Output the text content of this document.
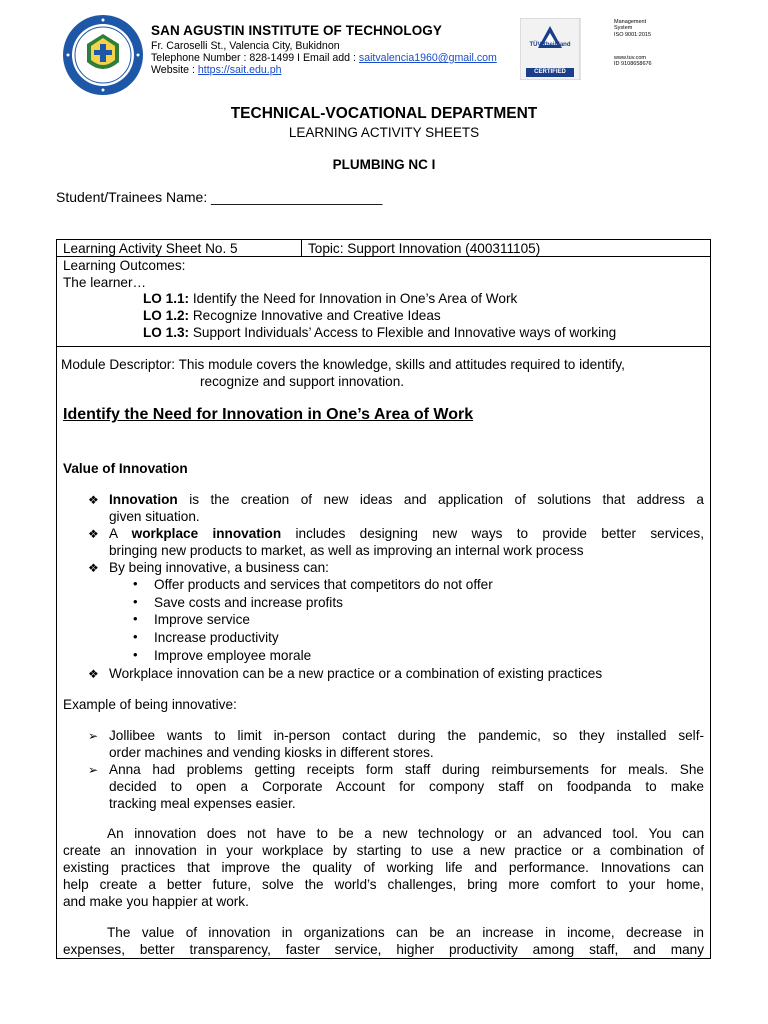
SAN AGUSTIN INSTITUTE OF TECHNOLOGY
Fr. Caroselli St., Valencia City, Bukidnon
Telephone Number : 828-1499 I Email add : saitvalencia1960@gmail.com
Website : https://sait.edu.ph
TÜVRheinland
CERTIFIED
Management
System
ISO 9001:2015
www.tuv.com
ID 9108658676
TECHNICAL-VOCATIONAL DEPARTMENT
LEARNING ACTIVITY SHEETS
PLUMBING NC I
Student/Trainees Name: ______________________
Learning Activity Sheet No. 5	Topic: Support Innovation (400311105)
Learning Outcomes:
The learner…
LO 1.1: Identify the Need for Innovation in One’s Area of Work
LO 1.2: Recognize Innovative and Creative Ideas
LO 1.3: Support Individuals’ Access to Flexible and Innovative ways of working
Module Descriptor: This module covers the knowledge, skills and attitudes required to identify,
recognize and support innovation.
Identify the Need for Innovation in One’s Area of Work
Value of Innovation
❖ Innovation is the creation of new ideas and application of solutions that address a
given situation.
❖ A workplace innovation includes designing new ways to provide better services,
bringing new products to market, as well as improving an internal work process
❖ By being innovative, a business can:
• Offer products and services that competitors do not offer
• Save costs and increase profits
• Improve service
• Increase productivity
• Improve employee morale
❖ Workplace innovation can be a new practice or a combination of existing practices
Example of being innovative:
➢ Jollibee wants to limit in-person contact during the pandemic, so they installed self-
order machines and vending kiosks in different stores.
➢ Anna had problems getting receipts form staff during reimbursements for meals. She
decided to open a Corporate Account for compony staff on foodpanda to make
tracking meal expenses easier.
An innovation does not have to be a new technology or an advanced tool. You can
create an innovation in your workplace by starting to use a new practice or a combination of
existing practices that improve the quality of working life and performance. Innovations can
help create a better future, solve the world’s challenges, bring more comfort to your home,
and make you happier at work.
The value of innovation in organizations can be an increase in income, decrease in
expenses, better transparency, faster service, higher productivity among staff, and many
